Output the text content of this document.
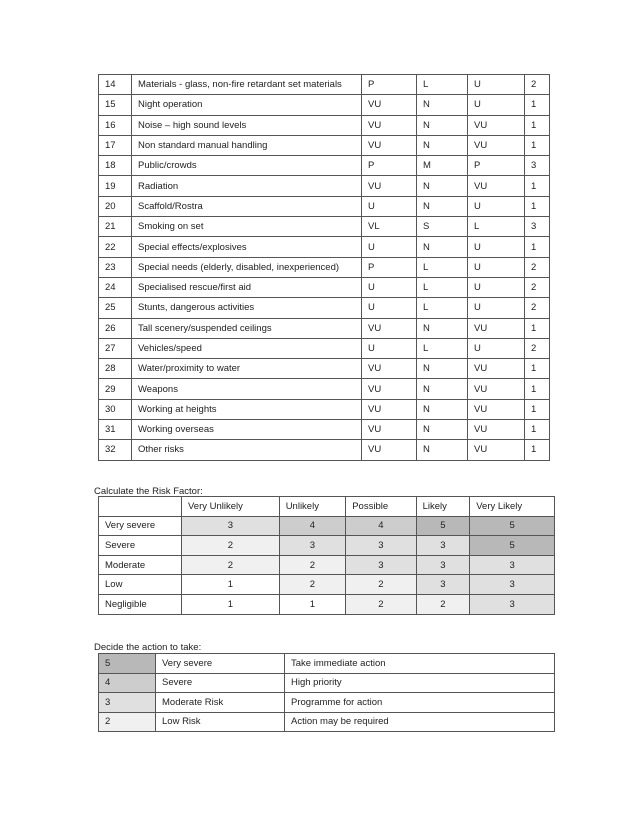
14	Materials - glass, non-fire retardant set materials	P	L	U	2
15	Night operation	VU	N	U	1
16	Noise – high sound levels	VU	N	VU	1
17	Non standard manual handling	VU	N	VU	1
18	Public/crowds	P	M	P	3
19	Radiation	VU	N	VU	1
20	Scaffold/Rostra	U	N	U	1
21	Smoking on set	VL	S	L	3
22	Special effects/explosives	U	N	U	1
23	Special needs (elderly, disabled, inexperienced)	P	L	U	2
24	Specialised rescue/first aid	U	L	U	2
25	Stunts, dangerous activities	U	L	U	2
26	Tall scenery/suspended ceilings	VU	N	VU	1
27	Vehicles/speed	U	L	U	2
28	Water/proximity to water	VU	N	VU	1
29	Weapons	VU	N	VU	1
30	Working at heights	VU	N	VU	1
31	Working overseas	VU	N	VU	1
32	Other risks	VU	N	VU	1
Calculate the Risk Factor:
	Very Unlikely	Unlikely	Possible	Likely	Very Likely
Very severe	3	4	4	5	5
Severe	2	3	3	3	5
Moderate	2	2	3	3	3
Low	1	2	2	3	3
Negligible	1	1	2	2	3
Decide the action to take:
5	Very severe	Take immediate action
4	Severe	High priority
3	Moderate Risk	Programme for action
2	Low Risk	Action may be required
